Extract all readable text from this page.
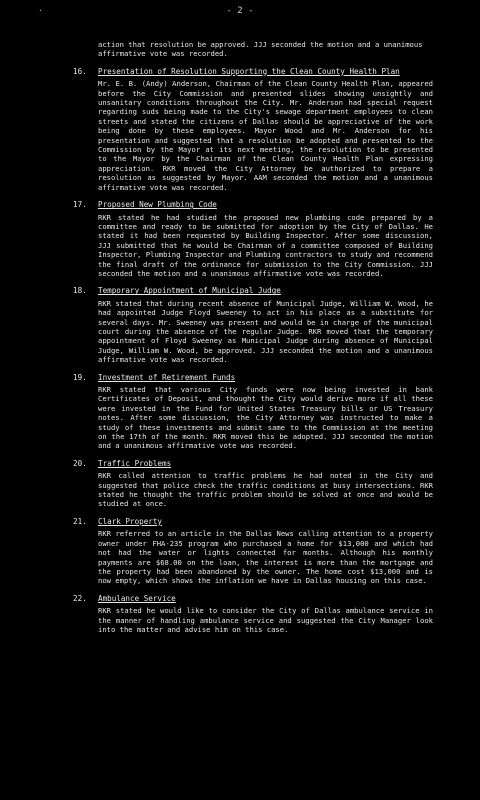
·	- 2 -

action that resolution be approved. JJJ seconded the motion and a unanimous affirmative vote was recorded.

16.	Presentation of Resolution Supporting the Clean County Health Plan

Mr. E. B. (Andy) Anderson, Chairman of the Clean County Health Plan, appeared before the City Commission and presented slides showing unsightly and unsanitary conditions throughout the City. Mr. Anderson had special request regarding suds being made to the City's sewage department employees to clean streets and stated the citizens of Dallas should be appreciative of the work being done by these employees. Mayor Wood and Mr. Anderson for his presentation and suggested that a resolution be adopted and presented to the Commission by the Mayor at its next meeting, the resolution to be presented to the Mayor by the Chairman of the Clean County Health Plan expressing appreciation. RKR moved the City Attorney be authorized to prepare a resolution as suggested by Mayor. AAM seconded the motion and a unanimous affirmative vote was recorded.

17.	Proposed New Plumbing Code

RKR stated he had studied the proposed new plumbing code prepared by a committee and ready to be submitted for adoption by the City of Dallas. He stated it had been requested by Building Inspector. After some discussion, JJJ submitted that he would be Chairman of a committee composed of Building Inspector, Plumbing Inspector and Plumbing contractors to study and recommend the final draft of the ordinance for submission to the City Commission. JJJ seconded the motion and a unanimous affirmative vote was recorded.

18.	Temporary Appointment of Municipal Judge

RKR stated that during recent absence of Municipal Judge, William W. Wood, he had appointed Judge Floyd Sweeney to act in his place as a substitute for several days. Mr. Sweeney was present and would be in charge of the municipal court during the absence of the regular Judge. RKR moved that the temporary appointment of Floyd Sweeney as Municipal Judge during absence of Municipal Judge, William W. Wood, be approved. JJJ seconded the motion and a unanimous affirmative vote was recorded.

19.	Investment of Retirement Funds

RKR stated that various City funds were now being invested in bank Certificates of Deposit, and thought the City would derive more if all these were invested in the Fund for United States Treasury bills or US Treasury notes. After some discussion, the City Attorney was instructed to make a study of these investments and submit same to the Commission at the meeting on the 17th of the month. RKR moved this be adopted. JJJ seconded the motion and a unanimous affirmative vote was recorded.

20.	Traffic Problems

RKR called attention to traffic problems he had noted in the City and suggested that police check the traffic conditions at busy intersections. RKR stated he thought the traffic problem should be solved at once and would be studied at once.

21.	Clark Property

RKR referred to an article in the Dallas News calling attention to a property owner under FHA-235 program who purchased a home for $13,000 and which had not had the water or lights connected for months. Although his monthly payments are $68.00 on the loan, the interest is more than the mortgage and the property had been abandoned by the owner. The home cost $13,000 and is now empty, which shows the inflation we have in Dallas housing on this case.

22.	Ambulance Service

RKR stated he would like to consider the City of Dallas ambulance service in the manner of handling ambulance service and suggested the City Manager look into the matter and advise him on this case.
